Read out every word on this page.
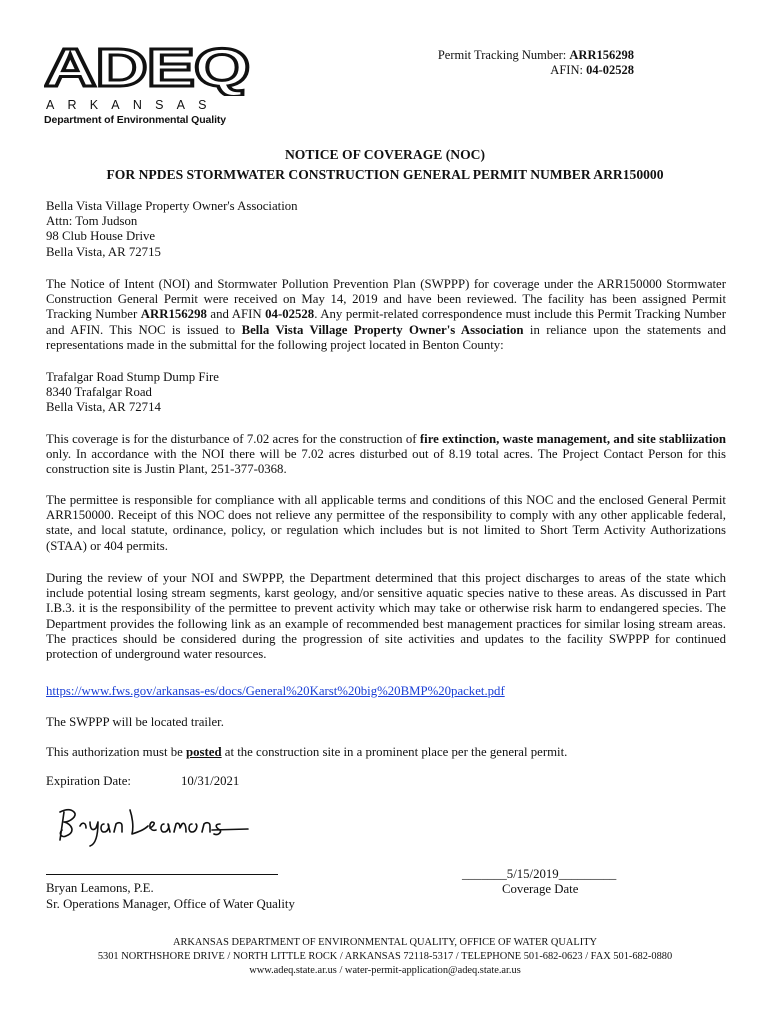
ADEQ
ARKANSAS
Department of Environmental Quality
Permit Tracking Number: ARR156298
AFIN: 04-02528
NOTICE OF COVERAGE (NOC)
FOR NPDES STORMWATER CONSTRUCTION GENERAL PERMIT NUMBER ARR150000
Bella Vista Village Property Owner's Association
Attn: Tom Judson
98 Club House Drive
Bella Vista, AR 72715
The Notice of Intent (NOI) and Stormwater Pollution Prevention Plan (SWPPP) for coverage under the ARR150000 Stormwater Construction General Permit were received on May 14, 2019 and have been reviewed. The facility has been assigned Permit Tracking Number ARR156298 and AFIN 04-02528. Any permit-related correspondence must include this Permit Tracking Number and AFIN. This NOC is issued to Bella Vista Village Property Owner's Association in reliance upon the statements and representations made in the submittal for the following project located in Benton County:
Trafalgar Road Stump Dump Fire
8340 Trafalgar Road
Bella Vista, AR 72714
This coverage is for the disturbance of 7.02 acres for the construction of fire extinction, waste management, and site stabliization only. In accordance with the NOI there will be 7.02 acres disturbed out of 8.19 total acres. The Project Contact Person for this construction site is Justin Plant, 251-377-0368.
The permittee is responsible for compliance with all applicable terms and conditions of this NOC and the enclosed General Permit ARR150000. Receipt of this NOC does not relieve any permittee of the responsibility to comply with any other applicable federal, state, and local statute, ordinance, policy, or regulation which includes but is not limited to Short Term Activity Authorizations (STAA) or 404 permits.
During the review of your NOI and SWPPP, the Department determined that this project discharges to areas of the state which include potential losing stream segments, karst geology, and/or sensitive aquatic species native to these areas. As discussed in Part I.B.3. it is the responsibility of the permittee to prevent activity which may take or otherwise risk harm to endangered species. The Department provides the following link as an example of recommended best management practices for similar losing stream areas. The practices should be considered during the progression of site activities and updates to the facility SWPPP for continued protection of underground water resources.
https://www.fws.gov/arkansas-es/docs/General%20Karst%20big%20BMP%20packet.pdf
The SWPPP will be located trailer.
This authorization must be posted at the construction site in a prominent place per the general permit.
Expiration Date:	10/31/2021
Bryan Leamons, P.E.
Sr. Operations Manager, Office of Water Quality
_______5/15/2019_________
Coverage Date
ARKANSAS DEPARTMENT OF ENVIRONMENTAL QUALITY, OFFICE OF WATER QUALITY
5301 NORTHSHORE DRIVE / NORTH LITTLE ROCK / ARKANSAS 72118-5317 / TELEPHONE 501-682-0623 / FAX 501-682-0880
www.adeq.state.ar.us / water-permit-application@adeq.state.ar.us
